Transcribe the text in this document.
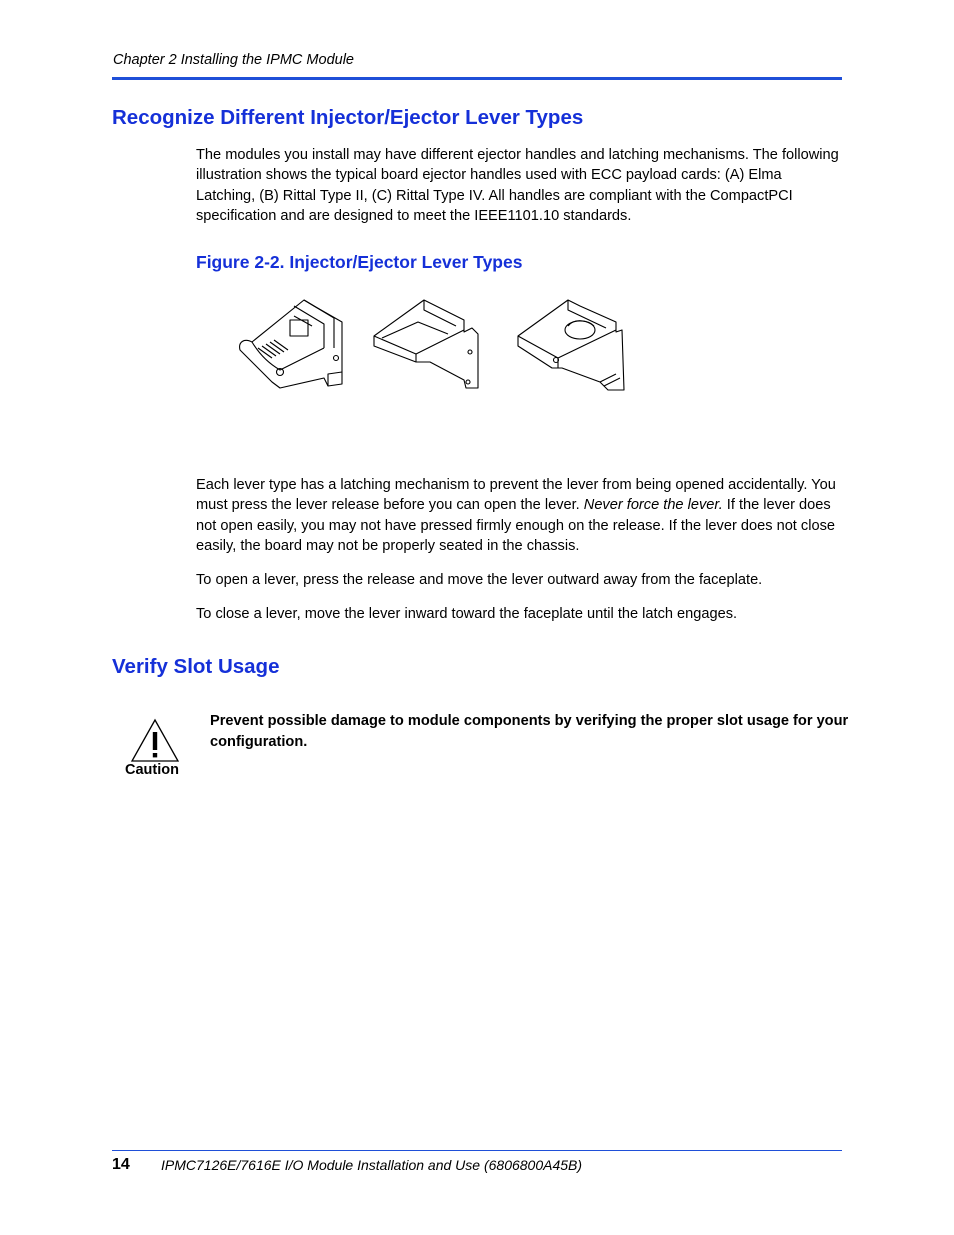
Chapter 2 Installing the IPMC Module
Recognize Different Injector/Ejector Lever Types
The modules you install may have different ejector handles and latching mechanisms. The following illustration shows the typical board ejector handles used with ECC payload cards: (A) Elma Latching, (B) Rittal Type II, (C) Rittal Type IV. All handles are compliant with the CompactPCI specification and are designed to meet the IEEE1101.10 standards.
Figure 2-2. Injector/Ejector Lever Types
Each lever type has a latching mechanism to prevent the lever from being opened accidentally. You must press the lever release before you can open the lever. Never force the lever. If the lever does not open easily, you may not have pressed firmly enough on the release. If the lever does not close easily, the board may not be properly seated in the chassis.
To open a lever, press the release and move the lever outward away from the faceplate.
To close a lever, move the lever inward toward the faceplate until the latch engages.
Verify Slot Usage
Caution
Prevent possible damage to module components by verifying the proper slot usage for your configuration.
14 IPMC7126E/7616E I/O Module Installation and Use (6806800A45B)
